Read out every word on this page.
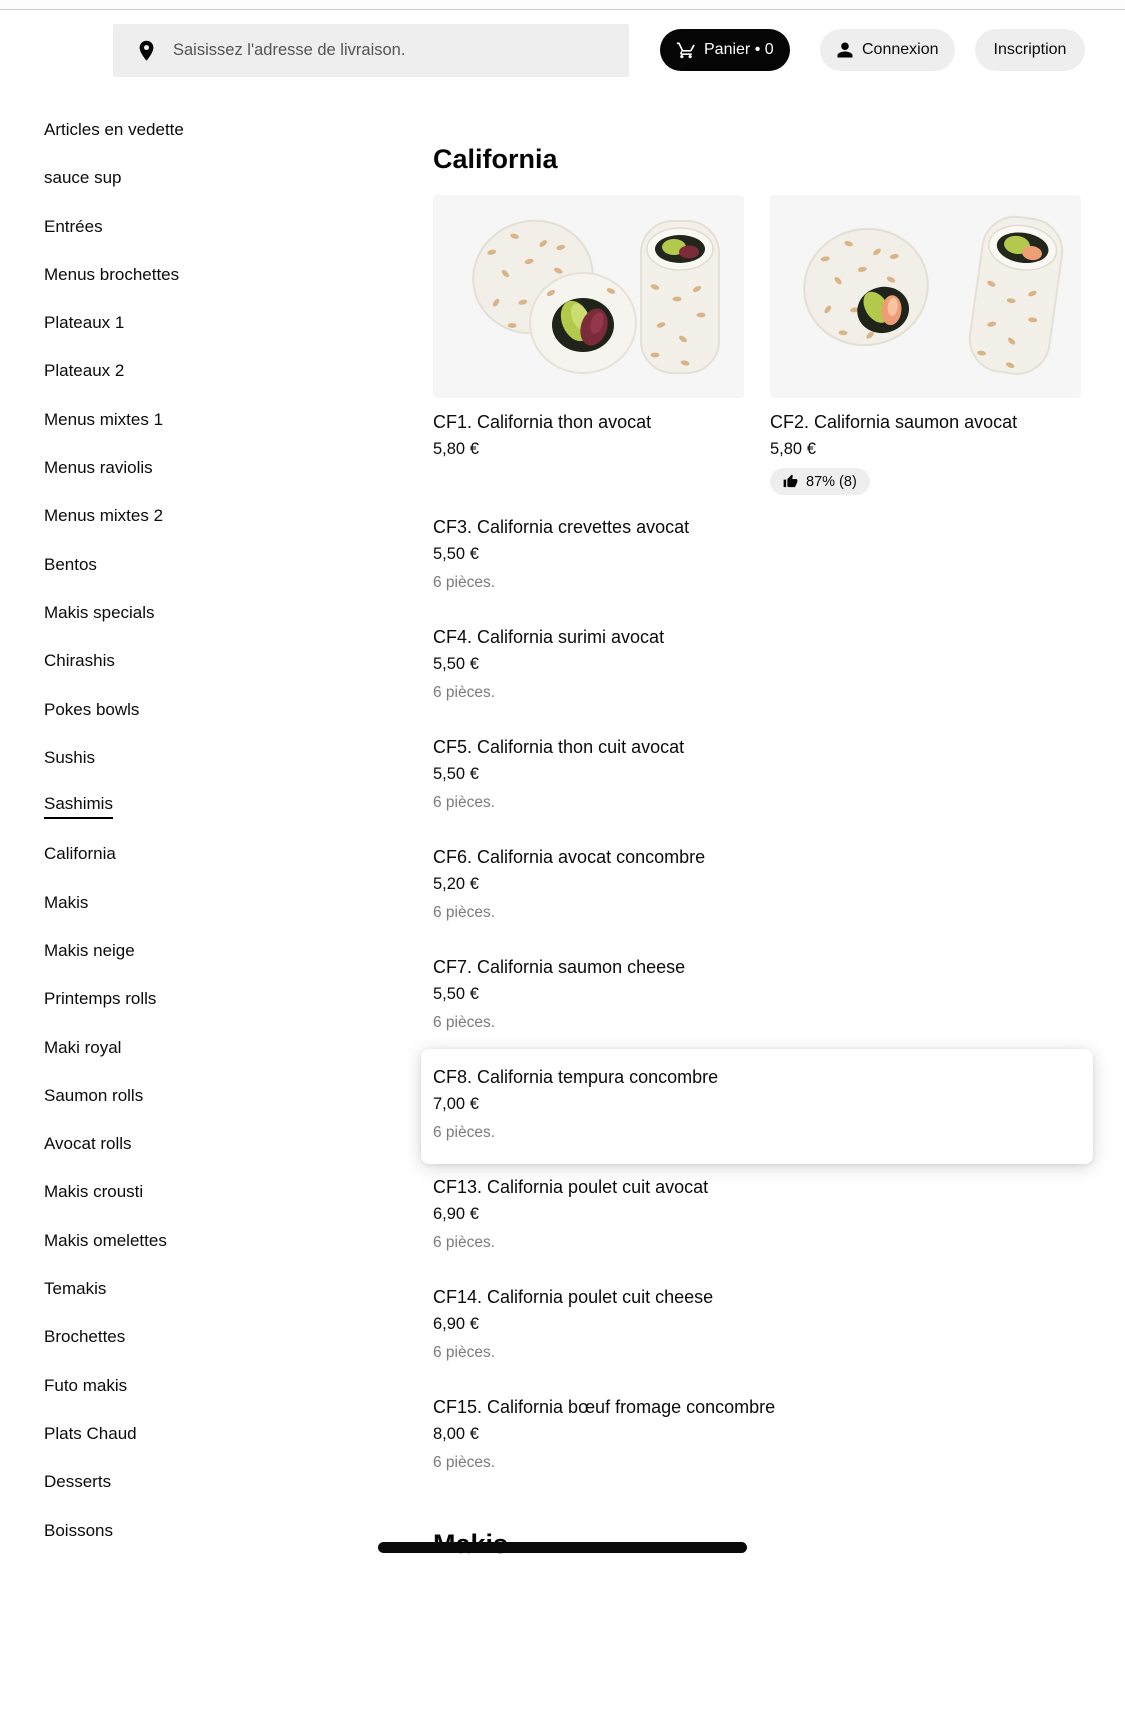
Saisissez l'adresse de livraison.
Panier • 0	Connexion	Inscription
Articles en vedette
sauce sup
Entrées
Menus brochettes
Plateaux 1
Plateaux 2
Menus mixtes 1
Menus raviolis
Menus mixtes 2
Bentos
Makis specials
Chirashis
Pokes bowls
Sushis
Sashimis
California
Makis
Makis neige
Printemps rolls
Maki royal
Saumon rolls
Avocat rolls
Makis crousti
Makis omelettes
Temakis
Brochettes
Futo makis
Plats Chaud
Desserts
Boissons
California
CF1. California thon avocat
5,80 €
CF2. California saumon avocat
5,80 €
87% (8)
CF3. California crevettes avocat
5,50 €
6 pièces.
CF4. California surimi avocat
5,50 €
6 pièces.
CF5. California thon cuit avocat
5,50 €
6 pièces.
CF6. California avocat concombre
5,20 €
6 pièces.
CF7. California saumon cheese
5,50 €
6 pièces.
CF8. California tempura concombre
7,00 €
6 pièces.
CF13. California poulet cuit avocat
6,90 €
6 pièces.
CF14. California poulet cuit cheese
6,90 €
6 pièces.
CF15. California bœuf fromage concombre
8,00 €
6 pièces.
